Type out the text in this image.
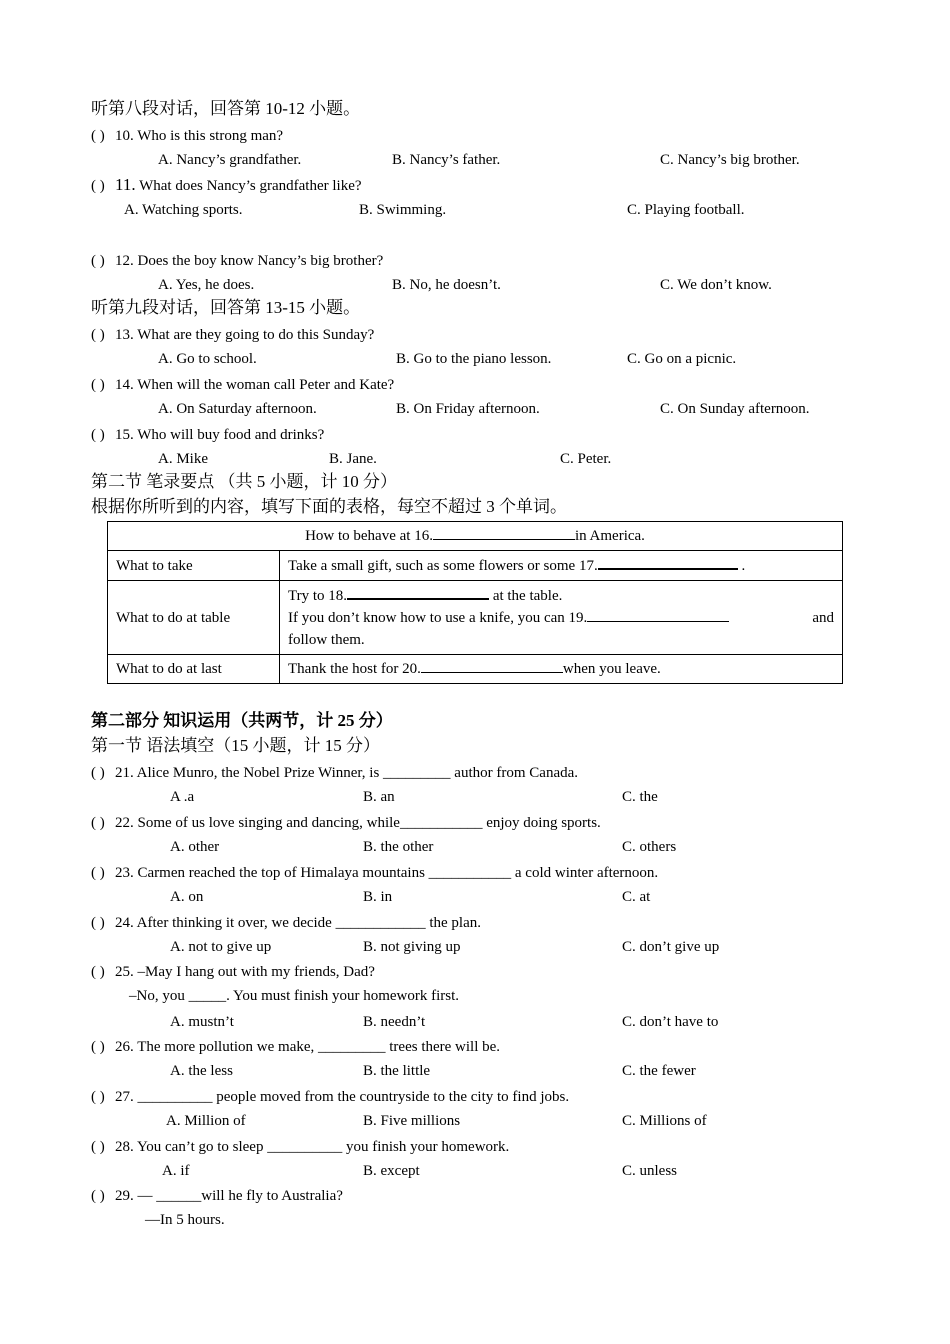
听第八段对话，回答第 10-12 小题。
( ) 10. Who is this strong man?
A. Nancy’s grandfather.	B. Nancy’s father.	C. Nancy’s big brother.
( ) 11. What does Nancy’s grandfather like?
A. Watching sports.	B. Swimming.	C. Playing football.
( ) 12. Does the boy know Nancy’s big brother?
A. Yes, he does.	B. No, he doesn’t.	C. We don’t know.
听第九段对话，回答第 13-15 小题。
( ) 13. What are they going to do this Sunday?
A. Go to school.	B. Go to the piano lesson.	C. Go on a picnic.
( ) 14. When will the woman call Peter and Kate?
A. On Saturday afternoon.	B. On Friday afternoon.	C. On Sunday afternoon.
( ) 15. Who will buy food and drinks?
A. Mike	B. Jane.	C. Peter.
第二节 笔录要点 （共 5 小题，计 10 分）
根据你所听到的内容，填写下面的表格，每空不超过 3 个单词。
How to behave at 16. in America.	
What to take	Take a small gift, such as some flowers or some 17. .
What to do at table	Try to 18. at the table.
If you don’t know how to use a knife, you can 19. and
follow them.

What to do at last	Thank the host for 20. when you leave.
第二部分 知识运用（共两节，计 25 分）
第一节 语法填空（15 小题，计 15 分）
( ) 21. Alice Munro, the Nobel Prize Winner, is _________ author from Canada.
A .a	B. an	C. the
( ) 22. Some of us love singing and dancing, while___________ enjoy doing sports.
A. other	B. the other	C. others
( ) 23. Carmen reached the top of Himalaya mountains ___________ a cold winter afternoon.
A. on	B. in	C. at
( ) 24. After thinking it over, we decide ____________ the plan.
A. not to give up	B. not giving up	C. don’t give up
( ) 25. –May I hang out with my friends, Dad?
–No, you _____. You must finish your homework first.
A. mustn’t	B. needn’t	C. don’t have to
( ) 26. The more pollution we make, _________ trees there will be.
A. the less	B. the little	C. the fewer
( ) 27. __________ people moved from the countryside to the city to find jobs.
A. Million of	B. Five millions	C. Millions of
( ) 28. You can’t go to sleep __________ you finish your homework.
A. if	B. except	C. unless
( ) 29. — ______will he fly to Australia?
—In 5 hours.
